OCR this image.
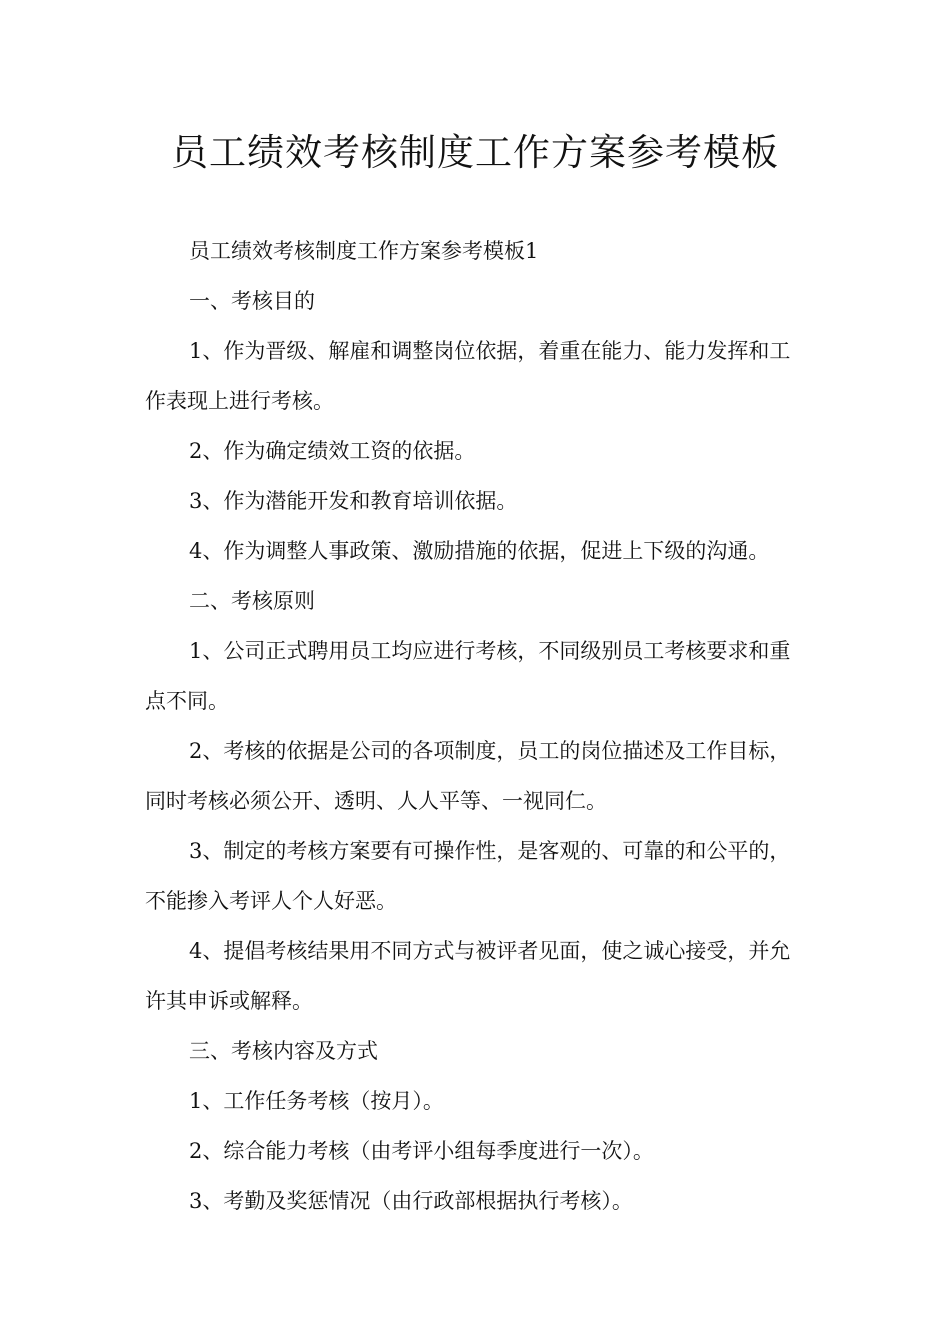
员工绩效考核制度工作方案参考模板

员工绩效考核制度工作方案参考模板1

一、考核目的

1、作为晋级、解雇和调整岗位依据，着重在能力、能力发挥和工作表现上进行考核。

2、作为确定绩效工资的依据。

3、作为潜能开发和教育培训依据。

4、作为调整人事政策、激励措施的依据，促进上下级的沟通。

二、考核原则

1、公司正式聘用员工均应进行考核，不同级别员工考核要求和重点不同。

2、考核的依据是公司的各项制度，员工的岗位描述及工作目标，同时考核必须公开、透明、人人平等、一视同仁。

3、制定的考核方案要有可操作性，是客观的、可靠的和公平的，不能掺入考评人个人好恶。

4、提倡考核结果用不同方式与被评者见面，使之诚心接受，并允许其申诉或解释。

三、考核内容及方式

1、工作任务考核（按月）。

2、综合能力考核（由考评小组每季度进行一次）。

3、考勤及奖惩情况（由行政部根据执行考核）。
